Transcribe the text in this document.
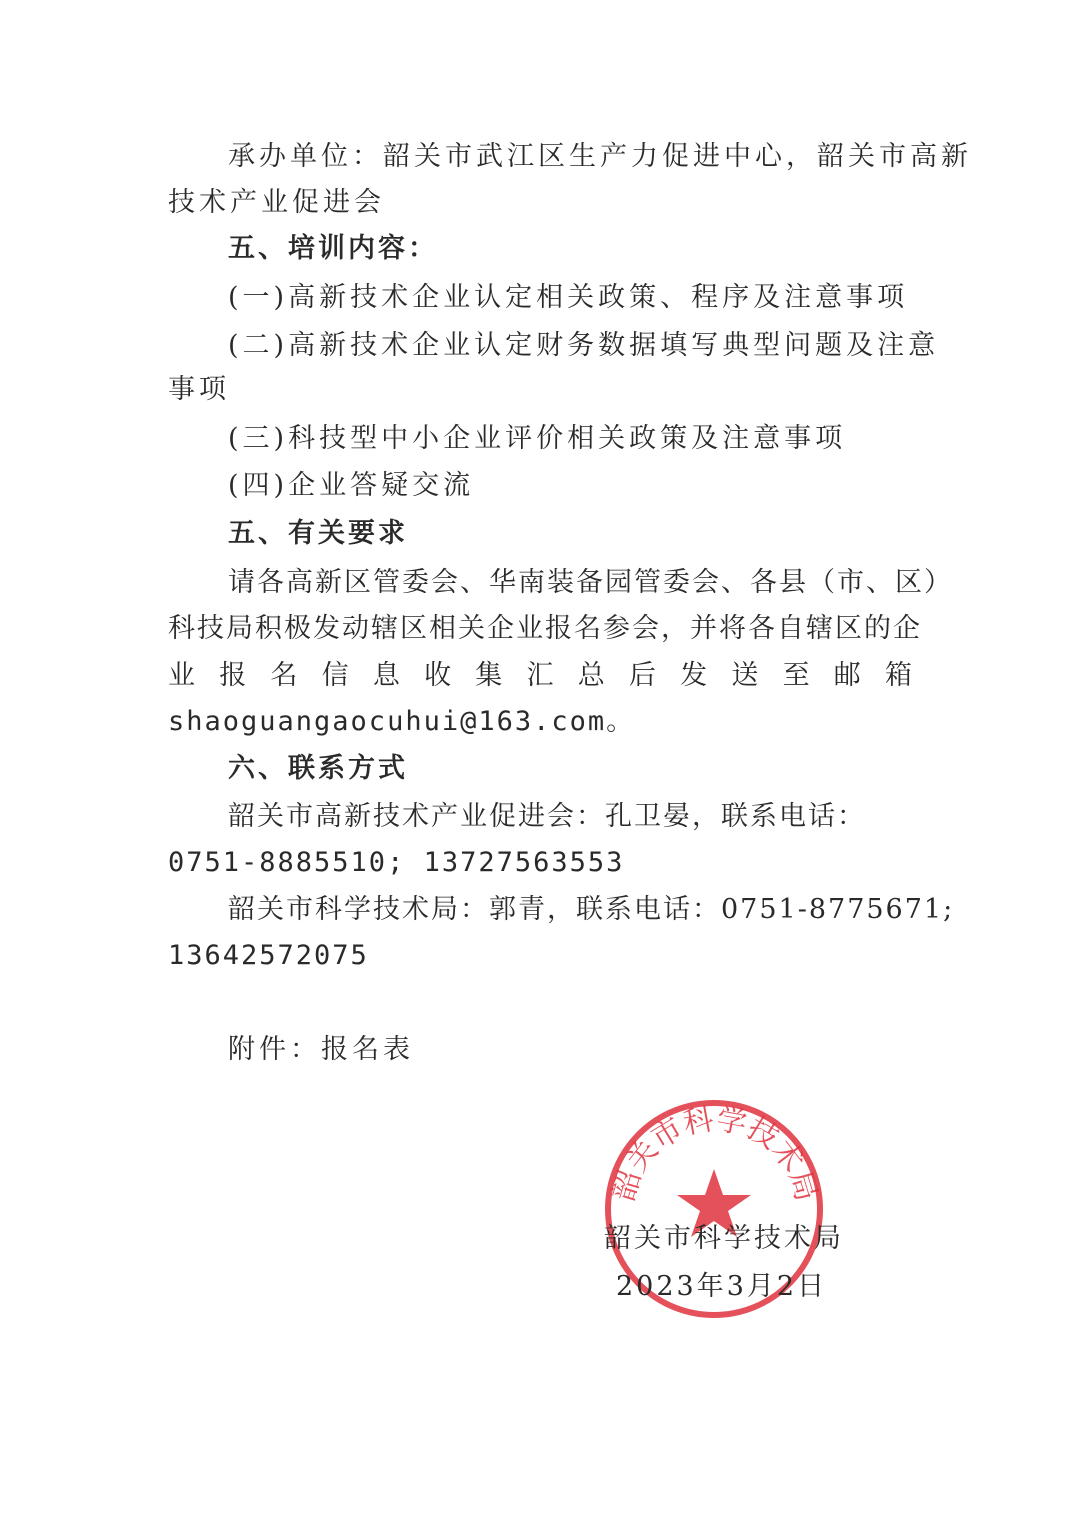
承办单位：韶关市武江区生产力促进中心，韶关市高新
技术产业促进会
五、培训内容：
(一)高新技术企业认定相关政策、程序及注意事项
(二)高新技术企业认定财务数据填写典型问题及注意
事项
(三)科技型中小企业评价相关政策及注意事项
(四)企业答疑交流
五、有关要求
请各高新区管委会、华南装备园管委会、各县（市、区）
科技局积极发动辖区相关企业报名参会，并将各自辖区的企
业报名信息收集汇总后发送至邮箱
shaoguangaocuhui@163.com。
六、联系方式
韶关市高新技术产业促进会：孔卫晏，联系电话：
0751-8885510; 13727563553
韶关市科学技术局：郭青，联系电话：0751-8775671;
13642572075
附件：报名表
韶关市科学技术局
韶关市科学技术局
2023年3月2日
